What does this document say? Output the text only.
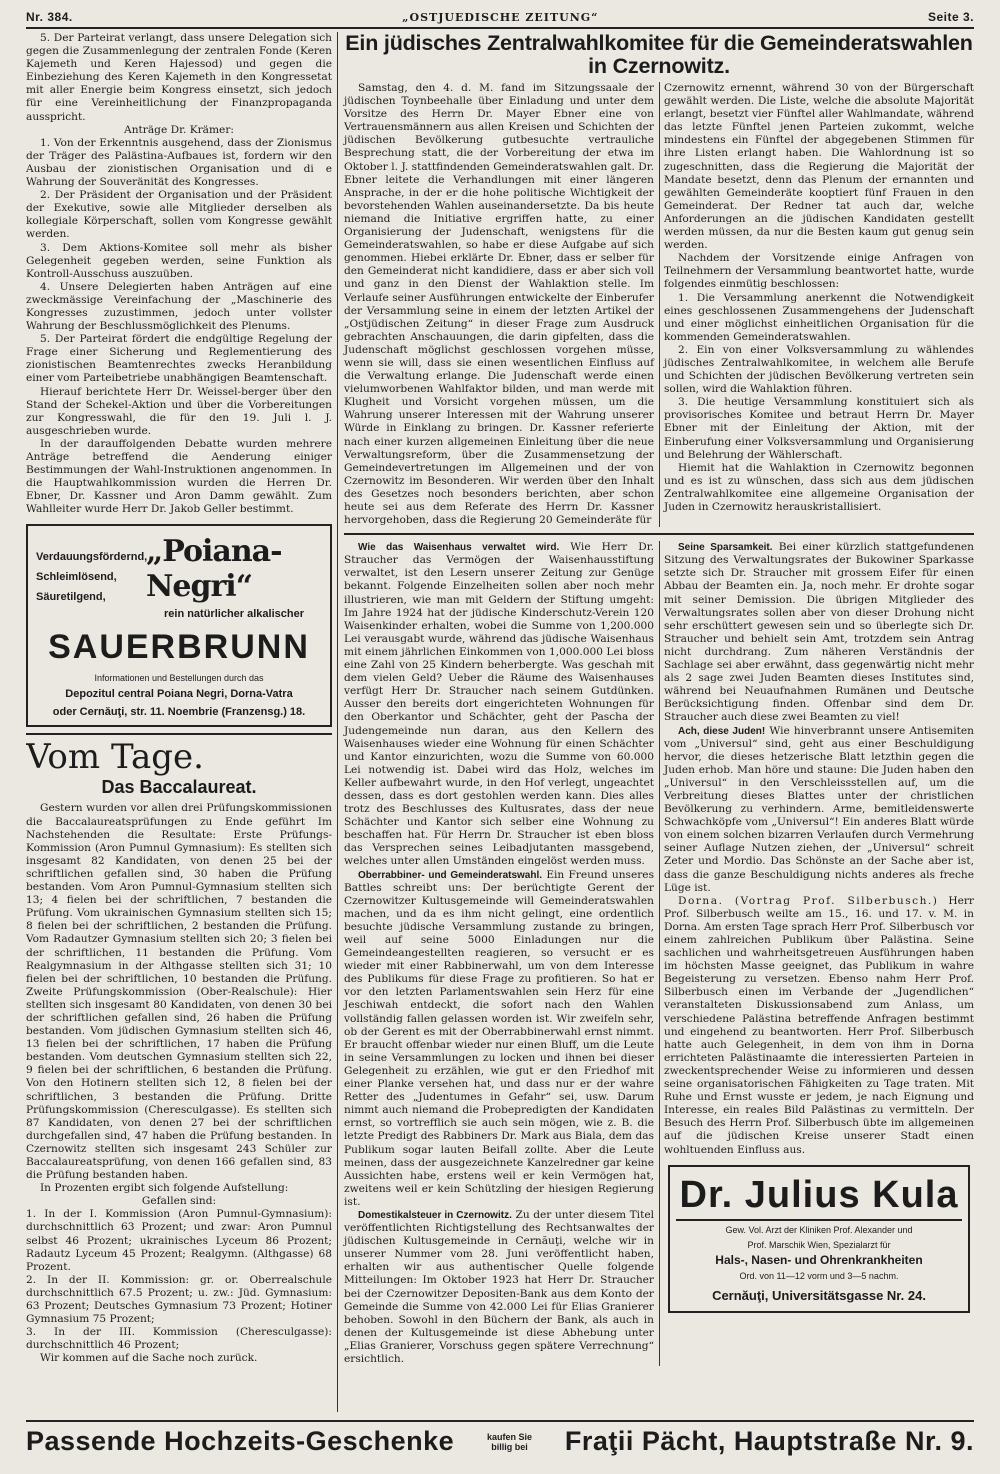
Nr. 384.	„OSTJUEDISCHE ZEITUNG“	Seite 3.

5. Der Parteirat verlangt, dass unsere Delegation sich gegen die Zusammenlegung der zentralen Fonde (Keren Kajemeth und Keren Hajessod) und gegen die Einbeziehung des Keren Kajemeth in den Kongressetat mit aller Energie beim Kongress einsetzt, sich jedoch für eine Vereinheitlichung der Finanzpropaganda ausspricht.

Anträge Dr. Krämer:

1. Von der Erkenntnis ausgehend, dass der Zionismus der Träger des Palästina-Aufbaues ist, fordern wir den Ausbau der zionistischen Organisation und di e Wahrung der Souveränität des Kongresses.

2. Der Präsident der Organisation und der Präsident der Exekutive, sowie alle Mitglieder derselben als kollegiale Körperschaft, sollen vom Kongresse gewählt werden.

3. Dem Aktions-Komitee soll mehr als bisher Gelegenheit gegeben werden, seine Funktion als Kontroll-Ausschuss auszuüben.

4. Unsere Delegierten haben Anträgen auf eine zweckmässige Vereinfachung der „Maschinerie des Kongresses zuzustimmen, jedoch unter vollster Wahrung der Beschlussmöglichkeit des Plenums.

5. Der Parteirat fördert die endgültige Regelung der Frage einer Sicherung und Reglementierung des zionistischen Beamtenrechtes zwecks Heranbildung einer vom Parteibetriebe unabhängigen Beamtenschaft.

Hierauf berichtete Herr Dr. Weissel-berger über den Stand der Schekel-Aktion und über die Vorbereitungen zur Kongresswahl, die für den 19. Juli l. J. ausgeschrieben wurde.

In der darauffolgenden Debatte wurden mehrere Anträge betreffend die Aenderung einiger Bestimmungen der Wahl-Instruktionen angenommen. In die Hauptwahlkommission wurden die Herren Dr. Ebner, Dr. Kassner und Aron Damm gewählt. Zum Wahlleiter wurde Herr Dr. Jakob Geller bestimmt.

Verdauungsfördernd,
Schleimlösend,
Säuretilgend,
„Poiana-Negri“
rein natürlicher alkalischer
SAUERBRUNN
Informationen und Bestellungen durch das
Depozitul central Poiana Negri, Dorna-Vatra
oder Cernăuţi, str. 11. Noembrie (Franzensg.) 18.
Vom Tage.
Das Baccalaureat.

Gestern wurden vor allen drei Prüfungskommissionen die Baccalaureatsprüfungen zu Ende geführt Im Nachstehenden die Resultate: Erste Prüfungs-Kommission (Aron Pumnul Gymnasium): Es stellten sich insgesamt 82 Kandidaten, von denen 25 bei der schriftlichen gefallen sind, 30 haben die Prüfung bestanden. Vom Aron Pumnul-Gymnasium stellten sich 13; 4 fielen bei der schriftlichen, 7 bestanden die Prüfung. Vom ukrainischen Gymnasium stellten sich 15; 8 fielen bei der schriftlichen, 2 bestanden die Prüfung. Vom Radautzer Gymnasium stellten sich 20; 3 fielen bei der schriftlichen, 11 bestanden die Prüfung. Vom Realgymnasium in der Althgasse stellten sich 31; 10 fielen bei der schriftlichen, 10 bestanden die Prüfung. Zweite Prüfungskommission (Ober-Realschule): Hier stellten sich insgesamt 80 Kandidaten, von denen 30 bei der schriftlichen gefallen sind, 26 haben die Prüfung bestanden. Vom jüdischen Gymnasium stellten sich 46, 13 fielen bei der schriftlichen, 17 haben die Prüfung bestanden. Vom deutschen Gymnasium stellten sich 22, 9 fielen bei der schriftlichen, 6 bestanden die Prüfung. Von den Hotinern stellten sich 12, 8 fielen bei der schriftlichen, 3 bestanden die Prüfung. Dritte Prüfungskommission (Cheresculgasse). Es stellten sich 87 Kandidaten, von denen 27 bei der schriftlichen durchgefallen sind, 47 haben die Prüfung bestanden. In Czernowitz stellten sich insgesamt 243 Schüler zur Baccalaureatsprüfung, von denen 166 gefallen sind, 83 die Prüfung bestanden haben.

In Prozenten ergibt sich folgende Aufstellung:

Gefallen sind:

1. In der I. Kommission (Aron Pumnul-Gymnasium): durchschnittlich 63 Prozent; und zwar: Aron Pumnul selbst 46 Prozent; ukrainisches Lyceum 86 Prozent; Radautz Lyceum 45 Prozent; Realgymn. (Althgasse) 68 Prozent.

2. In der II. Kommission: gr. or. Oberrealschule durchschnittlich 67.5 Prozent; u. zw.: Jüd. Gymnasium: 63 Prozent; Deutsches Gymnasium 73 Prozent; Hotiner Gymnasium 75 Prozent;

3. In der III. Kommission (Cheresculgasse): durchschnittlich 46 Prozent;

Wir kommen auf die Sache noch zurück.

Ein jüdisches Zentralwahlkomitee für die Gemeinderatswahlen in Czernowitz.

Samstag, den 4. d. M. fand im Sitzungssaale der jüdischen Toynbeehalle über Einladung und unter dem Vorsitze des Herrn Dr. Mayer Ebner eine von Vertrauensmännern aus allen Kreisen und Schichten der jüdischen Bevölkerung gutbesuchte vertrauliche Besprechung statt, die der Vorbereitung der etwa im Oktober l. J. stattfindenden Gemeinderatswahlen galt. Dr. Ebner leitete die Verhandlungen mit einer längeren Ansprache, in der er die hohe politische Wichtigkeit der bevorstehenden Wahlen auseinandersetzte. Da bis heute niemand die Initiative ergriffen hatte, zu einer Organisierung der Judenschaft, wenigstens für die Gemeinderatswahlen, so habe er diese Aufgabe auf sich genommen. Hiebei erklärte Dr. Ebner, dass er selber für den Gemeinderat nicht kandidiere, dass er aber sich voll und ganz in den Dienst der Wahlaktion stelle. Im Verlaufe seiner Ausführungen entwickelte der Einberufer der Versammlung seine in einem der letzten Artikel der „Ostjüdischen Zeitung“ in dieser Frage zum Ausdruck gebrachten Anschauungen, die darin gipfelten, dass die Judenschaft möglichst geschlossen vorgehen müsse, wenn sie will, dass sie einen wesentlichen Einfluss auf die Verwaltung erlange. Die Judenschaft werde einen vielumworbenen Wahlfaktor bilden, und man werde mit Klugheit und Vorsicht vorgehen müssen, um die Wahrung unserer Interessen mit der Wahrung unserer Würde in Einklang zu bringen. Dr. Kassner referierte nach einer kurzen allgemeinen Einleitung über die neue Verwaltungsreform, über die Zusammensetzung der Gemeindevertretungen im Allgemeinen und der von Czernowitz im Besonderen. Wir werden über den Inhalt des Gesetzes noch besonders berichten, aber schon heute sei aus dem Referate des Herrn Dr. Kassner hervorgehoben, dass die Regierung 20 Gemeinderäte für

Czernowitz ernennt, während 30 von der Bürgerschaft gewählt werden. Die Liste, welche die absolute Majorität erlangt, besetzt vier Fünftel aller Wahlmandate, während das letzte Fünftel jenen Parteien zukommt, welche mindestens ein Fünftel der abgegebenen Stimmen für ihre Listen erlangt haben. Die Wahlordnung ist so zugeschnitten, dass die Regierung die Majorität der Mandate besetzt, denn das Plenum der ernannten und gewählten Gemeinderäte kooptiert fünf Frauen in den Gemeinderat. Der Redner tat auch dar, welche Anforderungen an die jüdischen Kandidaten gestellt werden müssen, da nur die Besten kaum gut genug sein werden.

Nachdem der Vorsitzende einige Anfragen von Teilnehmern der Versammlung beantwortet hatte, wurde folgendes einmütig beschlossen:

1. Die Versammlung anerkennt die Notwendigkeit eines geschlossenen Zusammengehens der Judenschaft und einer möglichst einheitlichen Organisation für die kommenden Gemeinderatswahlen.

2. Ein von einer Volksversammlung zu wählendes jüdisches Zentralwahlkomitee, in welchem alle Berufe und Schichten der jüdischen Bevölkerung vertreten sein sollen, wird die Wahlaktion führen.

3. Die heutige Versammlung konstituiert sich als provisorisches Komitee und betraut Herrn Dr. Mayer Ebner mit der Einleitung der Aktion, mit der Einberufung einer Volksversammlung und Organisierung und Belehrung der Wählerschaft.

Hiemit hat die Wahlaktion in Czernowitz begonnen und es ist zu wünschen, dass sich aus dem jüdischen Zentralwahlkomitee eine allgemeine Organisation der Juden in Czernowitz herauskristallisiert.

Wie das Waisenhaus verwaltet wird. Wie Herr Dr. Straucher das Vermögen der Waisenhausstiftung verwaltet, ist den Lesern unserer Zeitung zur Genüge bekannt. Folgende Einzelheiten sollen aber noch mehr illustrieren, wie man mit Geldern der Stiftung umgeht: Im Jahre 1924 hat der jüdische Kinderschutz-Verein 120 Waisenkinder erhalten, wobei die Summe von 1,200.000 Lei verausgabt wurde, während das jüdische Waisenhaus mit einem jährlichen Einkommen von 1,000.000 Lei bloss eine Zahl von 25 Kindern beherbergte. Was geschah mit dem vielen Geld? Ueber die Räume des Waisenhauses verfügt Herr Dr. Straucher nach seinem Gutdünken. Ausser den bereits dort eingerichteten Wohnungen für den Oberkantor und Schächter, geht der Pascha der Judengemeinde nun daran, aus den Kellern des Waisenhauses wieder eine Wohnung für einen Schächter und Kantor einzurichten, wozu die Summe von 60.000 Lei notwendig ist. Dabei wird das Holz, welches im Keller aufbewahrt wurde, in den Hof verlegt, ungeachtet dessen, dass es dort gestohlen werden kann. Dies alles trotz des Beschlusses des Kultusrates, dass der neue Schächter und Kantor sich selber eine Wohnung zu beschaffen hat. Für Herrn Dr. Straucher ist eben bloss das Versprechen seines Leibadjutanten massgebend, welches unter allen Umständen eingelöst werden muss.

Oberrabbiner- und Gemeinderatswahl. Ein Freund unseres Battles schreibt uns: Der berüchtigte Gerent der Czernowitzer Kultusgemeinde will Gemeinderatswahlen machen, und da es ihm nicht gelingt, eine ordentlich besuchte jüdische Versammlung zustande zu bringen, weil auf seine 5000 Einladungen nur die Gemeindeangestellten reagieren, so versucht er es wieder mit einer Rabbinerwahl, um von dem Interesse des Publikums für diese Frage zu profitieren. So hat er vor den letzten Parlamentswahlen sein Herz für eine Jeschiwah entdeckt, die sofort nach den Wahlen vollständig fallen gelassen worden ist. Wir zweifeln sehr, ob der Gerent es mit der Oberrabbinerwahl ernst nimmt. Er braucht offenbar wieder nur einen Bluff, um die Leute in seine Versammlungen zu locken und ihnen bei dieser Gelegenheit zu erzählen, wie gut er den Friedhof mit einer Planke versehen hat, und dass nur er der wahre Retter des „Judentumes in Gefahr“ sei, usw. Darum nimmt auch niemand die Probepredigten der Kandidaten ernst, so vortrefflich sie auch sein mögen, wie z. B. die letzte Predigt des Rabbiners Dr. Mark aus Biala, dem das Publikum sogar lauten Beifall zollte. Aber die Leute meinen, dass der ausgezeichnete Kanzelredner gar keine Aussichten habe, erstens weil er kein Vermögen hat, zweitens weil er kein Schützling der hiesigen Regierung ist.

Domestikalsteuer in Czernowitz. Zu der unter diesem Titel veröffentlichten Richtigstellung des Rechtsanwaltes der jüdischen Kultusgemeinde in Cernăuţi, welche wir in unserer Nummer vom 28. Juni veröffentlicht haben, erhalten wir aus authentischer Quelle folgende Mitteilungen: Im Oktober 1923 hat Herr Dr. Straucher bei der Czernowitzer Depositen-Bank aus dem Konto der Gemeinde die Summe von 42.000 Lei für Elias Granierer behoben. Sowohl in den Büchern der Bank, als auch in denen der Kultusgemeinde ist diese Abhebung unter „Elias Granierer, Vorschuss gegen spätere Verrechnung“ ersichtlich.

Seine Sparsamkeit. Bei einer kürzlich stattgefundenen Sitzung des Verwaltungsrates der Bukowiner Sparkasse setzte sich Dr. Straucher mit grossem Eifer für einen Abbau der Beamten ein. Ja, noch mehr. Er drohte sogar mit seiner Demission. Die übrigen Mitglieder des Verwaltungsrates sollen aber von dieser Drohung nicht sehr erschüttert gewesen sein und so überlegte sich Dr. Straucher und behielt sein Amt, trotzdem sein Antrag nicht durchdrang. Zum näheren Verständnis der Sachlage sei aber erwähnt, dass gegenwärtig nicht mehr als 2 sage zwei Juden Beamten dieses Institutes sind, während bei Neuaufnahmen Rumänen und Deutsche Berücksichtigung finden. Offenbar sind dem Dr. Straucher auch diese zwei Beamten zu viel!

Ach, diese Juden! Wie hinverbrannt unsere Antisemiten vom „Universul“ sind, geht aus einer Beschuldigung hervor, die dieses hetzerische Blatt letzthin gegen die Juden erhob. Man höre und staune: Die Juden haben den „Universul“ in den Verschleissstellen auf, um die Verbreitung dieses Blattes unter der christlichen Bevölkerung zu verhindern. Arme, bemitleidenswerte Schwachköpfe vom „Universul“! Ein anderes Blatt würde von einem solchen bizarren Verlaufen durch Vermehrung seiner Auflage Nutzen ziehen, der „Universul“ schreit Zeter und Mordio. Das Schönste an der Sache aber ist, dass die ganze Beschuldigung nichts anderes als freche Lüge ist.

Dorna. (Vortrag Prof. Silberbusch.) Herr Prof. Silberbusch weilte am 15., 16. und 17. v. M. in Dorna. Am ersten Tage sprach Herr Prof. Silberbusch vor einem zahlreichen Publikum über Palästina. Seine sachlichen und wahrheitsgetreuen Ausführungen haben im höchsten Masse geeignet, das Publikum in wahre Begeisterung zu versetzen. Ebenso nahm Herr Prof. Silberbusch einen im Verbande der „Jugendlichen“ veranstalteten Diskussionsabend zum Anlass, um verschiedene Palästina betreffende Anfragen bestimmt und eingehend zu beantworten. Herr Prof. Silberbusch hatte auch Gelegenheit, in dem von ihm in Dorna errichteten Palästinaamte die interessierten Parteien in zweckentsprechender Weise zu informieren und dessen seine organisatorischen Fähigkeiten zu Tage traten. Mit Ruhe und Ernst wusste er jedem, je nach Eignung und Interesse, ein reales Bild Palästinas zu vermitteln. Der Besuch des Herrn Prof. Silberbusch übte im allgemeinen auf die jüdischen Kreise unserer Stadt einen wohltuenden Einfluss aus.

Dr. Julius Kula
Gew. Vol. Arzt der Kliniken Prof. Alexander und
Prof. Marschik Wien, Spezialarzt für
Hals-, Nasen- und Ohrenkrankheiten
Ord. von 11—12 vorm und 3—5 nachm.
Cernăuţi, Universitätsgasse Nr. 24.
Passende Hochzeits-Geschenke	kaufen Sie
billig bei Fraţii Pächt, Hauptstraße Nr. 9.
